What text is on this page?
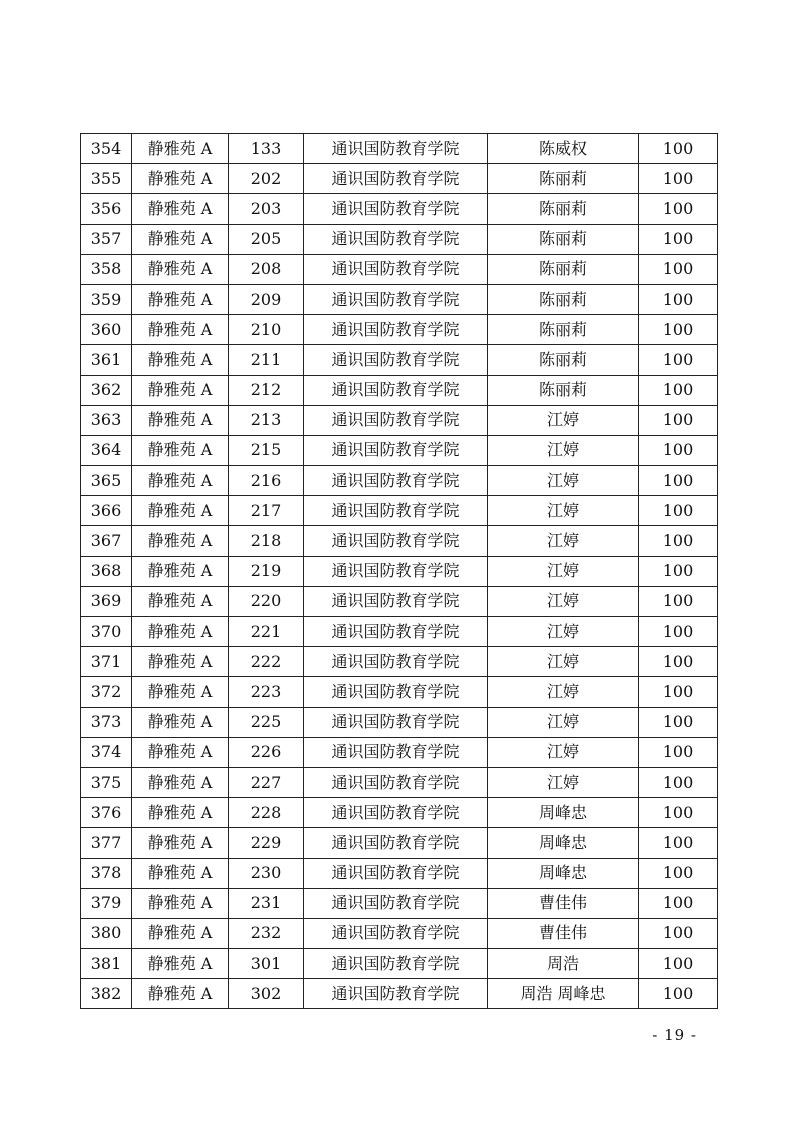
354	静雅苑 A	133	通识国防教育学院	陈威权	100
355	静雅苑 A	202	通识国防教育学院	陈丽莉	100
356	静雅苑 A	203	通识国防教育学院	陈丽莉	100
357	静雅苑 A	205	通识国防教育学院	陈丽莉	100
358	静雅苑 A	208	通识国防教育学院	陈丽莉	100
359	静雅苑 A	209	通识国防教育学院	陈丽莉	100
360	静雅苑 A	210	通识国防教育学院	陈丽莉	100
361	静雅苑 A	211	通识国防教育学院	陈丽莉	100
362	静雅苑 A	212	通识国防教育学院	陈丽莉	100
363	静雅苑 A	213	通识国防教育学院	江婷	100
364	静雅苑 A	215	通识国防教育学院	江婷	100
365	静雅苑 A	216	通识国防教育学院	江婷	100
366	静雅苑 A	217	通识国防教育学院	江婷	100
367	静雅苑 A	218	通识国防教育学院	江婷	100
368	静雅苑 A	219	通识国防教育学院	江婷	100
369	静雅苑 A	220	通识国防教育学院	江婷	100
370	静雅苑 A	221	通识国防教育学院	江婷	100
371	静雅苑 A	222	通识国防教育学院	江婷	100
372	静雅苑 A	223	通识国防教育学院	江婷	100
373	静雅苑 A	225	通识国防教育学院	江婷	100
374	静雅苑 A	226	通识国防教育学院	江婷	100
375	静雅苑 A	227	通识国防教育学院	江婷	100
376	静雅苑 A	228	通识国防教育学院	周峰忠	100
377	静雅苑 A	229	通识国防教育学院	周峰忠	100
378	静雅苑 A	230	通识国防教育学院	周峰忠	100
379	静雅苑 A	231	通识国防教育学院	曹佳伟	100
380	静雅苑 A	232	通识国防教育学院	曹佳伟	100
381	静雅苑 A	301	通识国防教育学院	周浩	100
382	静雅苑 A	302	通识国防教育学院	周浩 周峰忠	100
- 19 -
